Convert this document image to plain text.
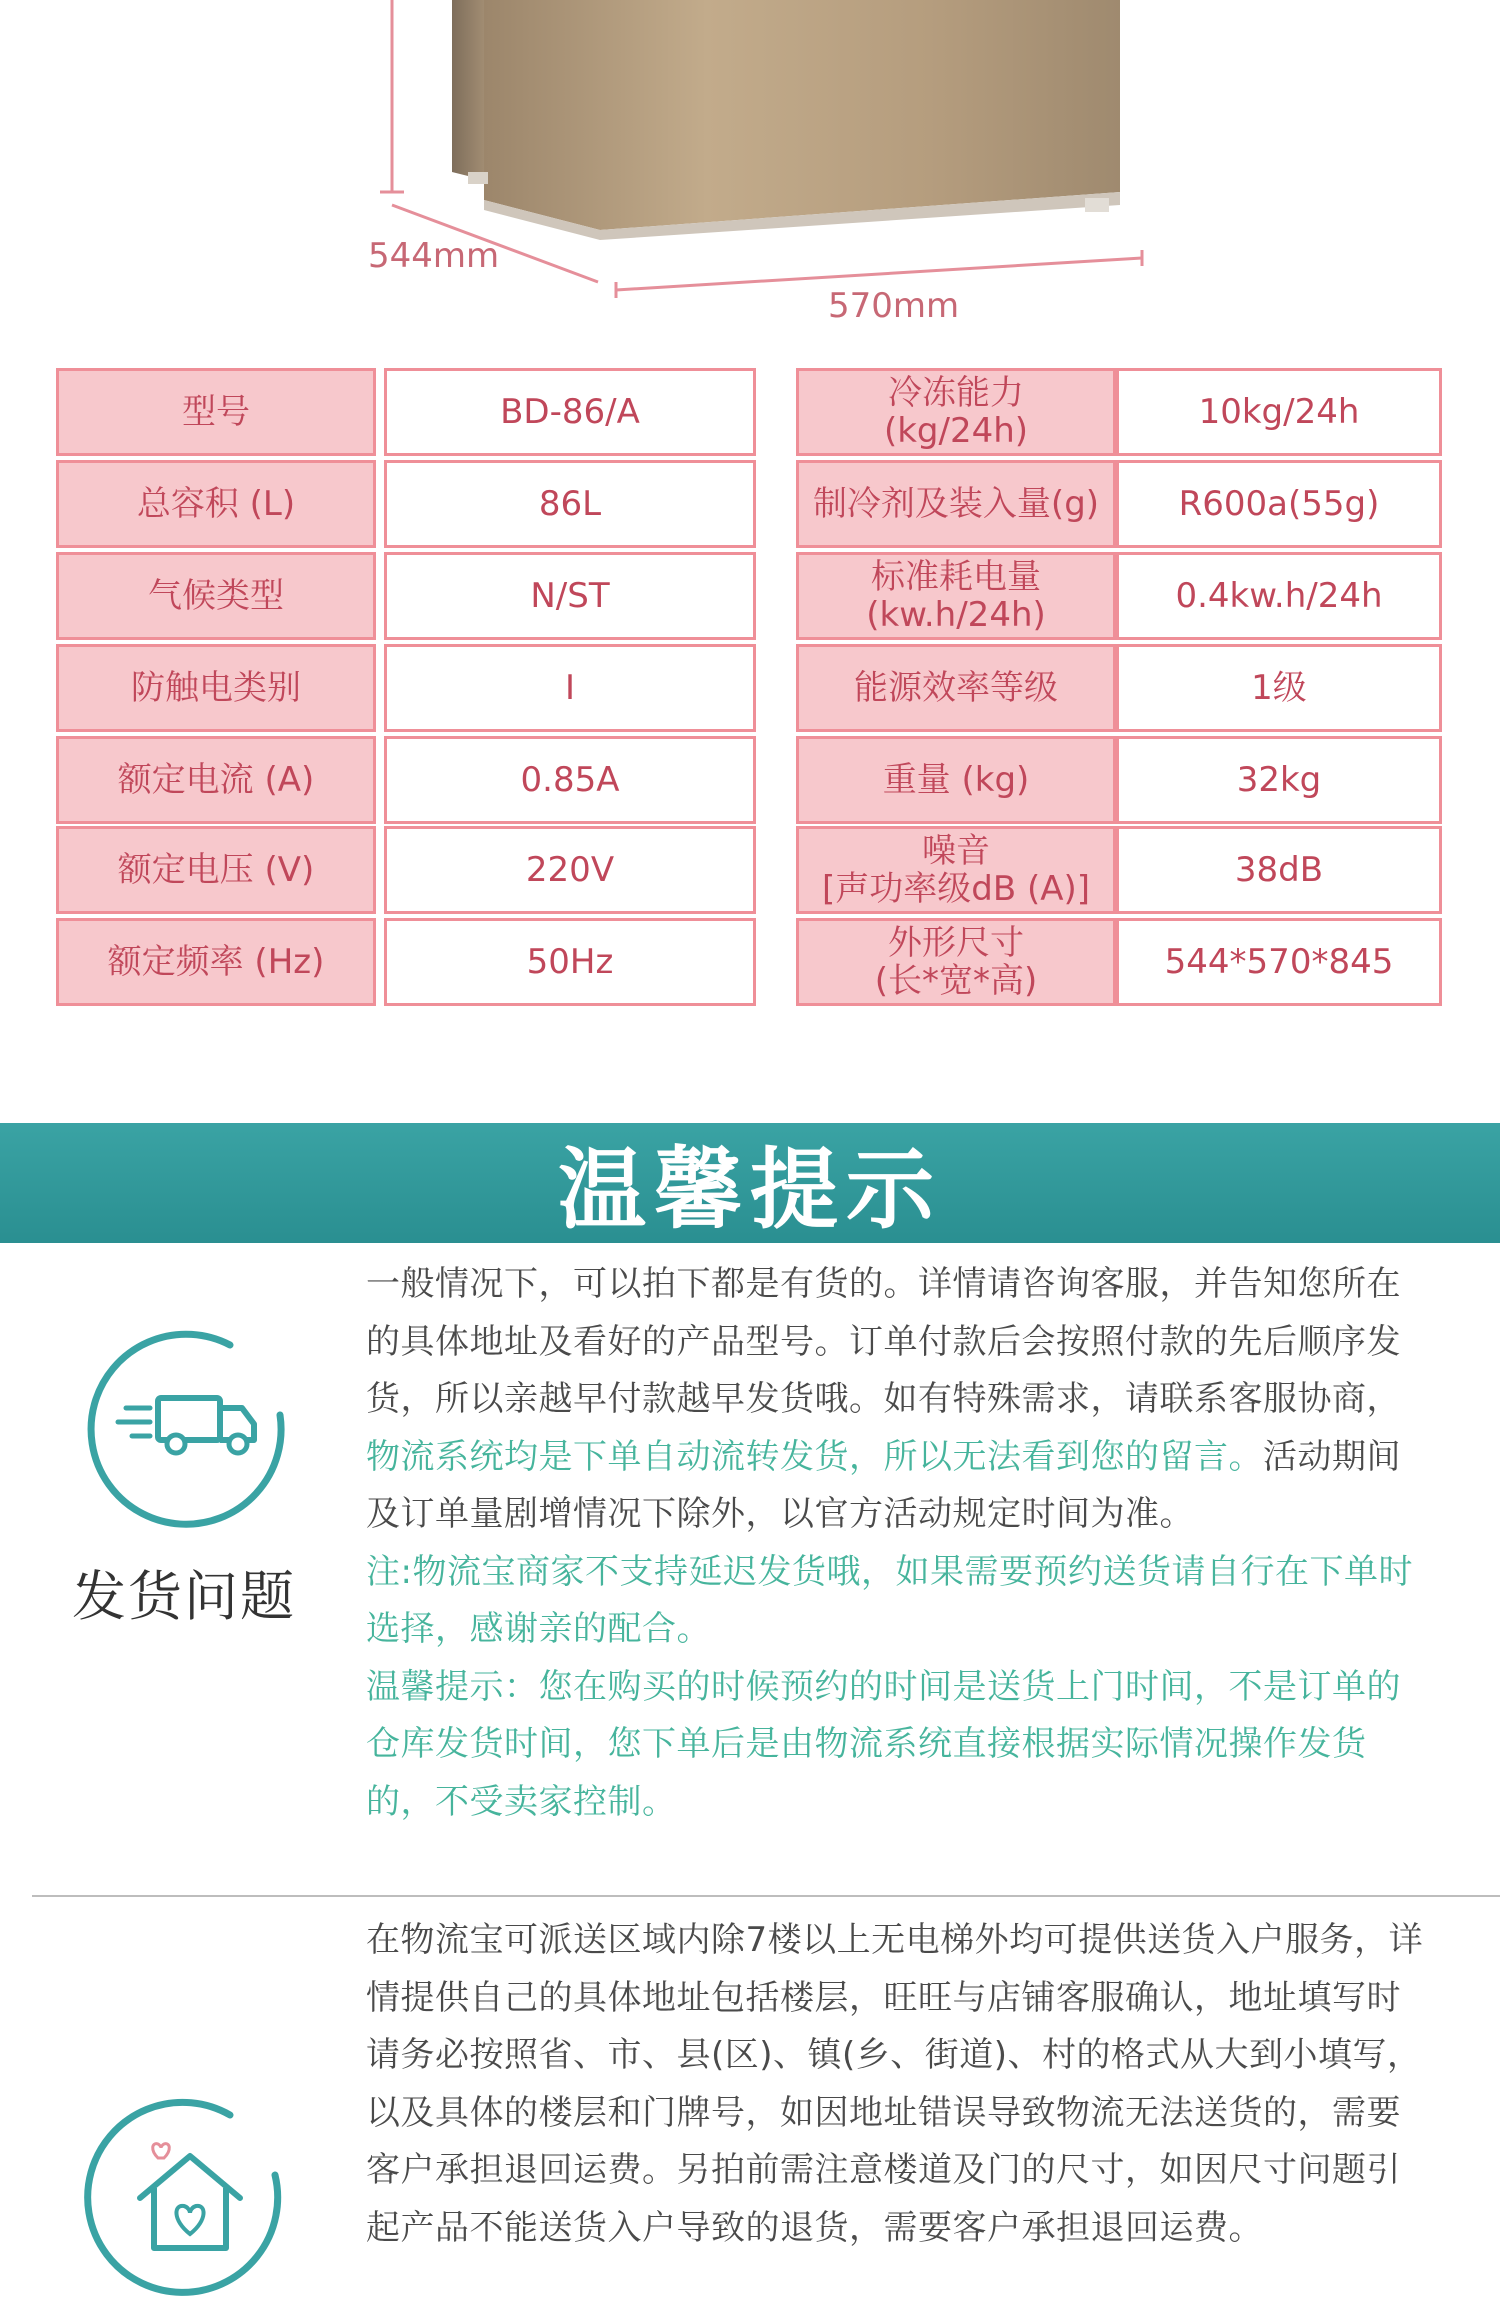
544mm
570mm
型号	BD-86/A
总容积 (L)	86L
气候类型	N/ST
防触电类别	I
额定电流 (A)	0.85A
额定电压 (V)	220V
额定频率 (Hz)	50Hz
冷冻能力
(kg/24h)	10kg/24h
制冷剂及装入量(g) R600a(55g)
标准耗电量
(kw.h/24h)	0.4kw.h/24h
能源效率等级	1级
重量 (kg)	32kg
噪音
[声功率级dB (A)]	38dB
外形尺寸
(长*宽*高)	544*570*845
温馨提示
发货问题
一般情况下，可以拍下都是有货的。详情请咨询客服，并告知您所在的具体地址及看好的产品型号。订单付款后会按照付款的先后顺序发货，所以亲越早付款越早发货哦。如有特殊需求，请联系客服协商，物流系统均是下单自动流转发货，所以无法看到您的留言。活动期间及订单量剧增情况下除外，以官方活动规定时间为准。
注:物流宝商家不支持延迟发货哦，如果需要预约送货请自行在下单时选择，感谢亲的配合。
温馨提示：您在购买的时候预约的时间是送货上门时间，不是订单的仓库发货时间，您下单后是由物流系统直接根据实际情况操作发货的，不受卖家控制。
在物流宝可派送区域内除7楼以上无电梯外均可提供送货入户服务，详情提供自己的具体地址包括楼层，旺旺与店铺客服确认，地址填写时请务必按照省、市、县(区)、镇(乡、街道)、村的格式从大到小填写，以及具体的楼层和门牌号，如因地址错误导致物流无法送货的，需要客户承担退回运费。另拍前需注意楼道及门的尺寸，如因尺寸问题引起产品不能送货入户导致的退货，需要客户承担退回运费。
